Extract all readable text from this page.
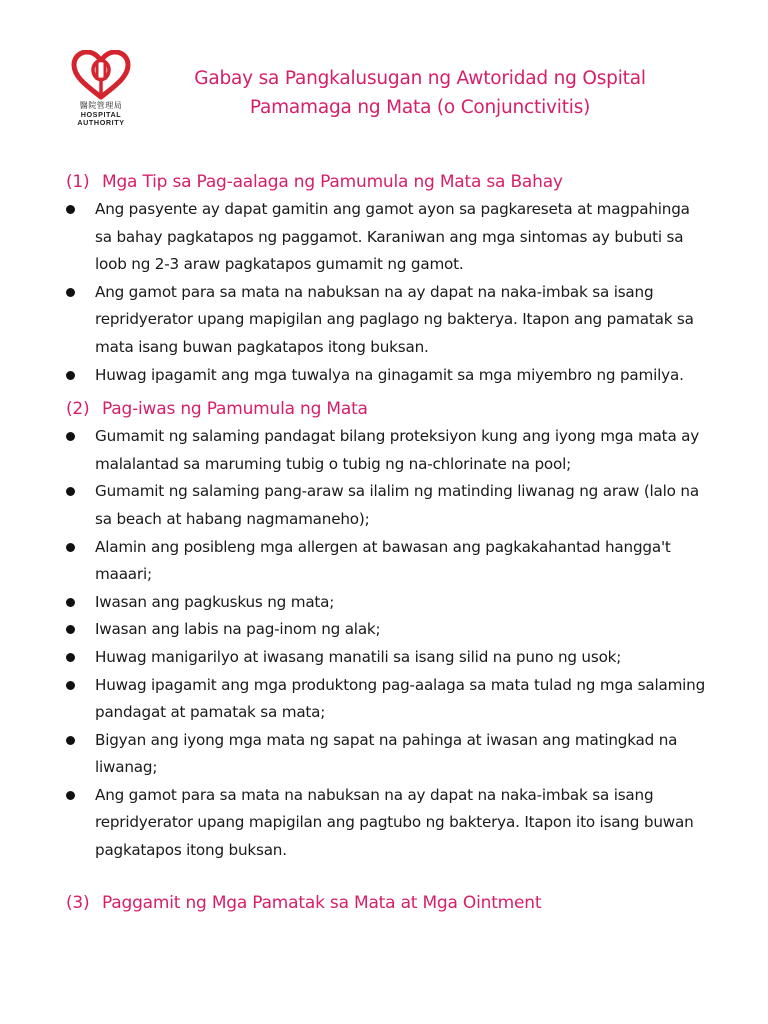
醫院管理局
HOSPITAL
AUTHORITY
Gabay sa Pangkalusugan ng Awtoridad ng Ospital
Pamamaga ng Mata (o Conjunctivitis)
(1) Mga Tip sa Pag-aalaga ng Pamumula ng Mata sa Bahay
Ang pasyente ay dapat gamitin ang gamot ayon sa pagkareseta at magpahinga sa bahay pagkatapos ng paggamot. Karaniwan ang mga sintomas ay bubuti sa loob ng 2-3 araw pagkatapos gumamit ng gamot.
Ang gamot para sa mata na nabuksan na ay dapat na naka-imbak sa isang repridyerator upang mapigilan ang paglago ng bakterya. Itapon ang pamatak sa mata isang buwan pagkatapos itong buksan.
Huwag ipagamit ang mga tuwalya na ginagamit sa mga miyembro ng pamilya.
(2) Pag-iwas ng Pamumula ng Mata
Gumamit ng salaming pandagat bilang proteksiyon kung ang iyong mga mata ay malalantad sa maruming tubig o tubig ng na-chlorinate na pool;
Gumamit ng salaming pang-araw sa ilalim ng matinding liwanag ng araw (lalo na sa beach at habang nagmamaneho);
Alamin ang posibleng mga allergen at bawasan ang pagkakahantad hangga't maaari;
Iwasan ang pagkuskus ng mata;
Iwasan ang labis na pag-inom ng alak;
Huwag manigarilyo at iwasang manatili sa isang silid na puno ng usok;
Huwag ipagamit ang mga produktong pag-aalaga sa mata tulad ng mga salaming pandagat at pamatak sa mata;
Bigyan ang iyong mga mata ng sapat na pahinga at iwasan ang matingkad na liwanag;
Ang gamot para sa mata na nabuksan na ay dapat na naka-imbak sa isang repridyerator upang mapigilan ang pagtubo ng bakterya. Itapon ito isang buwan pagkatapos itong buksan.
(3) Paggamit ng Mga Pamatak sa Mata at Mga Ointment
